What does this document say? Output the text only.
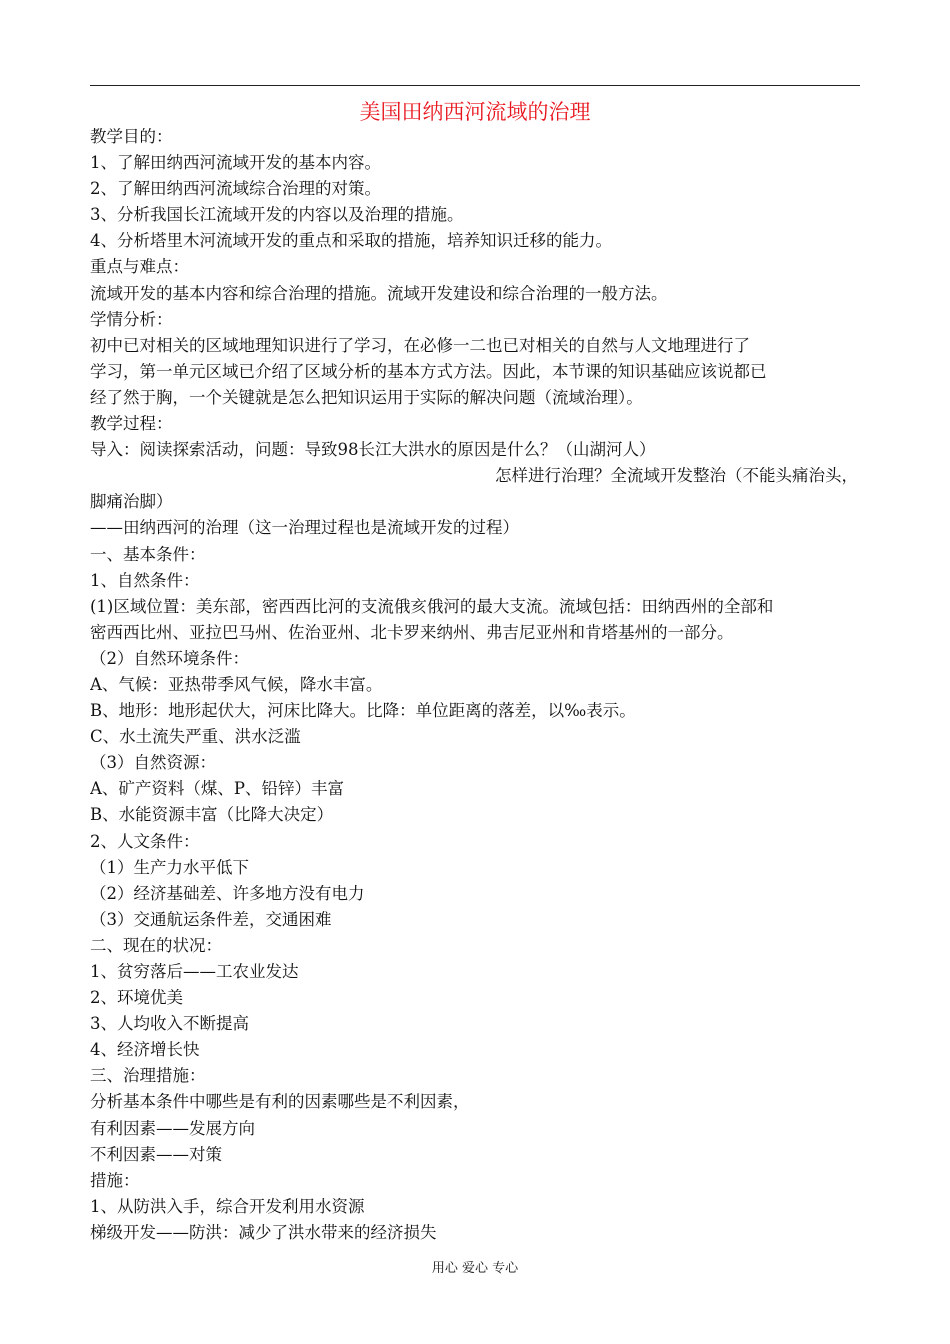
美国田纳西河流域的治理
教学目的：
1、了解田纳西河流域开发的基本内容。
2、了解田纳西河流域综合治理的对策。
3、分析我国长江流域开发的内容以及治理的措施。
4、分析塔里木河流域开发的重点和采取的措施，培养知识迁移的能力。
重点与难点：
流域开发的基本内容和综合治理的措施。流域开发建设和综合治理的一般方法。
学情分析：
初中已对相关的区域地理知识进行了学习，在必修一二也已对相关的自然与人文地理进行了
学习，第一单元区域已介绍了区域分析的基本方式方法。因此，本节课的知识基础应该说都已
经了然于胸，一个关键就是怎么把知识运用于实际的解决问题（流域治理）。
教学过程：
导入：阅读探索活动，问题：导致98长江大洪水的原因是什么？（山湖河人）
怎样进行治理？全流域开发整治（不能头痛治头，
脚痛治脚）
——田纳西河的治理（这一治理过程也是流域开发的过程）
一、基本条件：
1、自然条件：
(1)区域位置：美东部，密西西比河的支流俄亥俄河的最大支流。流域包括：田纳西州的全部和
密西西比州、亚拉巴马州、佐治亚州、北卡罗来纳州、弗吉尼亚州和肯塔基州的一部分。
（2）自然环境条件：
A、气候：亚热带季风气候，降水丰富。
B、地形：地形起伏大，河床比降大。比降：单位距离的落差，以‰表示。
C、水土流失严重、洪水泛滥
（3）自然资源：
A、矿产资料（煤、P、铅锌）丰富
B、水能资源丰富（比降大决定）
2、人文条件：
（1）生产力水平低下
（2）经济基础差、许多地方没有电力
（3）交通航运条件差，交通困难
二、现在的状况：
1、贫穷落后——工农业发达
2、环境优美
3、人均收入不断提高
4、经济增长快
三、治理措施：
分析基本条件中哪些是有利的因素哪些是不利因素，
有利因素——发展方向
不利因素——对策
措施：
1、从防洪入手，综合开发利用水资源
梯级开发——防洪：减少了洪水带来的经济损失
用心 爱心 专心
